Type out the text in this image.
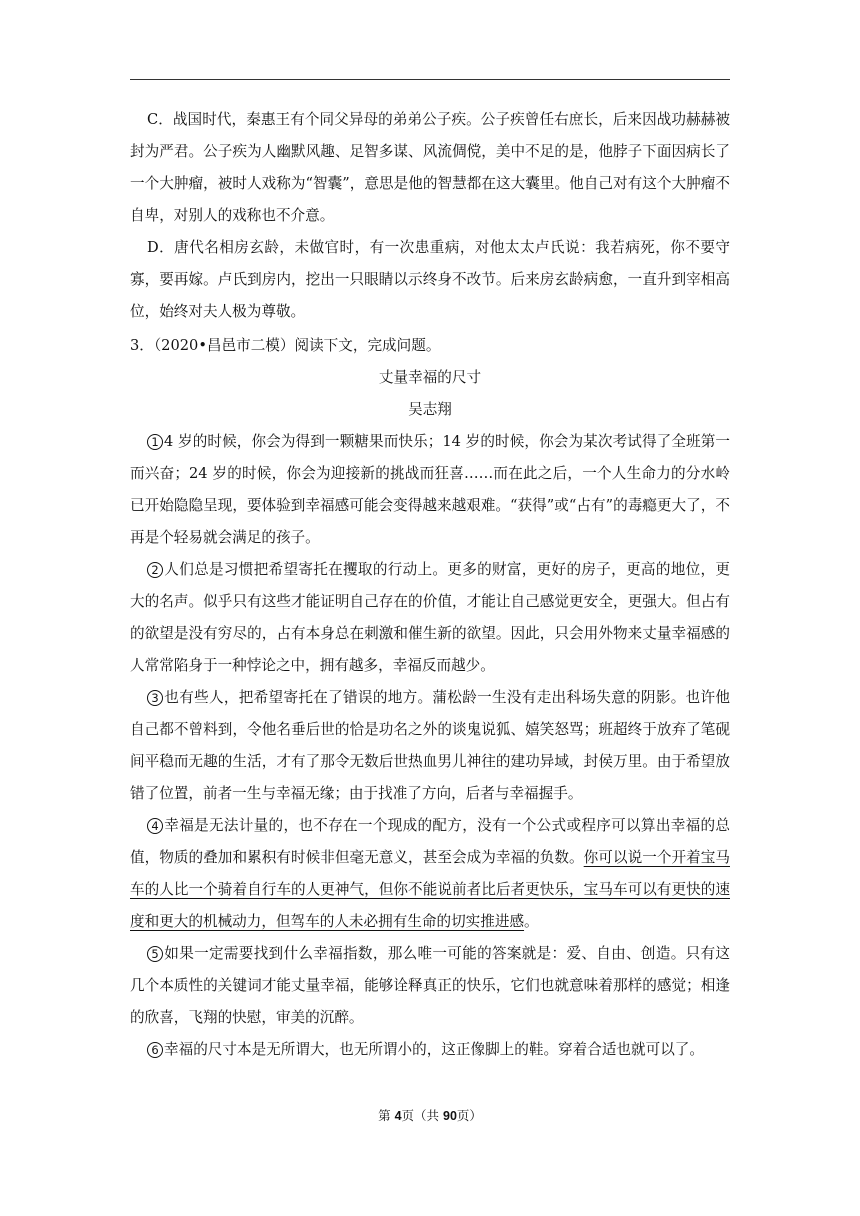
C．战国时代，秦惠王有个同父异母的弟弟公子疾。公子疾曾任右庶长，后来因战功赫赫被封为严君。公子疾为人幽默风趣、足智多谋、风流倜傥，美中不足的是，他脖子下面因病长了一个大肿瘤，被时人戏称为“智囊”，意思是他的智慧都在这大囊里。他自己对有这个大肿瘤不自卑，对别人的戏称也不介意。

D．唐代名相房玄龄，未做官时，有一次患重病，对他太太卢氏说：我若病死，你不要守寡，要再嫁。卢氏到房内，挖出一只眼睛以示终身不改节。后来房玄龄病愈，一直升到宰相高位，始终对夫人极为尊敬。

3．（2020•昌邑市二模）阅读下文，完成问题。

丈量幸福的尺寸

吴志翔

1 4 岁的时候，你会为得到一颗糖果而快乐；14 岁的时候，你会为某次考试得了全班第一而兴奋；24 岁的时候，你会为迎接新的挑战而狂喜……而在此之后，一个人生命力的分水岭已开始隐隐呈现，要体验到幸福感可能会变得越来越艰难。“获得”或“占有”的毒瘾更大了，不再是个轻易就会满足的孩子。

2 人们总是习惯把希望寄托在攫取的行动上。更多的财富，更好的房子，更高的地位，更大的名声。似乎只有这些才能证明自己存在的价值，才能让自己感觉更安全，更强大。但占有的欲望是没有穷尽的，占有本身总在刺激和催生新的欲望。因此，只会用外物来丈量幸福感的人常常陷身于一种悖论之中，拥有越多，幸福反而越少。

3 也有些人，把希望寄托在了错误的地方。蒲松龄一生没有走出科场失意的阴影。也许他自己都不曾料到，令他名垂后世的恰是功名之外的谈鬼说狐、嬉笑怒骂；班超终于放弃了笔砚间平稳而无趣的生活，才有了那令无数后世热血男儿神往的建功异域，封侯万里。由于希望放错了位置，前者一生与幸福无缘；由于找准了方向，后者与幸福握手。

4 幸福是无法计量的，也不存在一个现成的配方，没有一个公式或程序可以算出幸福的总值，物质的叠加和累积有时候非但毫无意义，甚至会成为幸福的负数。你可以说一个开着宝马车的人比一个骑着自行车的人更神气，但你不能说前者比后者更快乐，宝马车可以有更快的速度和更大的机械动力，但驾车的人未必拥有生命的切实推进感。

5 如果一定需要找到什么幸福指数，那么唯一可能的答案就是：爱、自由、创造。只有这几个本质性的关键词才能丈量幸福，能够诠释真正的快乐，它们也就意味着那样的感觉；相逢的欣喜，飞翔的快慰，审美的沉醉。

6 幸福的尺寸本是无所谓大，也无所谓小的，这正像脚上的鞋。穿着合适也就可以了。

第 4页（共 90页）
